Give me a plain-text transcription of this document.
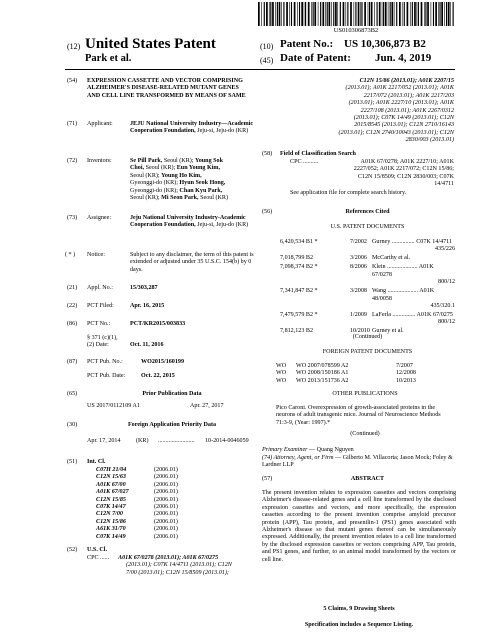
US010306873B2
(12) United States Patent
Park et al.
(10) Patent No.: US 10,306,873 B2
(45) Date of Patent: Jun. 4, 2019
(54) EXPRESSION CASSETTE AND VECTOR COMPRISING ALZHEIMER'S DISEASE-RELATED MUTANT GENES AND CELL LINE TRANSFORMED BY MEANS OF SAME
(71) Applicant:	JEJU National University Industry—Academic Cooperation Foundation, Jeju-si, Jeju-do (KR)
(72) Inventors:	Se Pill Park, Seoul (KR); Young Sok
Choi, Seoul (KR); Eun Young Kim,
Seoul (KR); Young Ho Kim,
Gyeonggi-do (KR); Hyun Seok Hong,
Gyeonggi-do (KR); Chan Kyu Park,
Seoul (KR); Mi Seon Park, Seoul (KR)
(73) Assignee:	Jeju National University Industry-Academic Cooperation Foundation, Jeju-si, Jeju-do (KR)
( * ) Notice:	Subject to any disclaimer, the term of this patent is extended or adjusted under 35 U.S.C. 154(b) by 0 days.
(21) Appl. No.:	15/303,287
(22) PCT Filed:	Apr. 16, 2015
(86) PCT No.:	PCT/KR2015/003833
§ 371 (c)(1),
(2) Date:	Oct. 11, 2016
(87) PCT Pub. No.:	WO2015/160199
PCT Pub. Date:	Oct. 22, 2015
(65)	Prior Publication Data
US 2017/0112109 A1	Apr. 27, 2017
(30)	Foreign Application Priority Data
Apr. 17, 2014	(KR) ........................ 10-2014-0046059
(51) Int. Cl.
C07H 21/04	(2006.01)
C12N 15/63	(2006.01)
A01K 67/00	(2006.01)
A01K 67/027	(2006.01)
C12N 15/85	(2006.01)
C07K 14/47	(2006.01)
C12N 7/00	(2006.01)
C12N 15/86	(2006.01)
A61K 31/70	(2006.01)
C07K 14/49	(2006.01)
(52) U.S. Cl.
CPC ...... A01K 67/0278 (2013.01); A01K 67/0275
(2013.01); C07K 14/4711 (2013.01); C12N
7/00 (2013.01); C12N 15/8509 (2013.01);
C12N 15/86 (2013.01); A01K 2207/15
(2013.01); A01K 2217/052 (2013.01); A01K
2217/072 (2013.01); A01K 2217/203
(2013.01); A01K 2227/10 (2013.01); A01K
2227/108 (2013.01); A01K 2267/0312
(2013.01); C07K 14/49 (2013.01); C12N
2015/8545 (2013.01); C12N 2710/16143
(2013.01); C12N 2740/10043 (2013.01); C12N
2830/003 (2013.01)
(58) Field of Classification Search
CPC ..........	A01K 67/0278; A01K 2227/10; A01K
2227/052; A01K 2217/072; C12N 15/86;
C12N 15/8509; C12N 2830/003; C07K
14/4711
See application file for complete search history.
(56)	References Cited
U.S. PATENT DOCUMENTS
6,420,534 B1 *	7/2002 Gurney ............... C07K 14/4711
435/226
7,018,799 B2	3/2006 McCarthy et al.
7,098,374 B2 *	8/2006 Klein .................... A01K 67/0278
800/12
7,341,847 B2 *	3/2008 Wang .................... A01K 48/0058
435/320.1
7,479,579 B2 *	1/2009 LaFerla ............... A01K 67/0275
800/12
7,812,123 B2	10/2010 Gurney et al.
(Continued)
FOREIGN PATENT DOCUMENTS
WO	WO 2007/078599 A2	7/2007
WO	WO 2008/150186 A1	12/2008
WO	WO 2013/151736 A2	10/2013
OTHER PUBLICATIONS
Pico Caroni. Overexpression of growth-associated proteins in the neurons of adult transgenic mice. Journal of Neuroscience Methods 71:3-9, (Year: 1997).*
(Continued)
Primary Examiner — Quang Nguyen
(74) Attorney, Agent, or Firm — Gilberto M. Villacorta; Jason Mock; Foley & Lardner LLP
(57)	ABSTRACT
The present invention relates to expression cassettes and vectors comprising Alzheimer's disease-related genes and a cell line transformed by the disclosed expression cassettes and vectors, and more specifically, the expression cassettes according to the present invention comprise amyloid precursor protein (APP), Tau protein, and presenilin-1 (PS1) genes associated with Alzheimer's disease so that mutant genes thereof can be simultaneously expressed. Additionally, the present invention relates to a cell line transformed by the disclosed expression cassettes or vectors comprising APP, Tau protein, and PS1 genes, and further, to an animal model transformed by the vectors or cell line.
5 Claims, 9 Drawing Sheets
Specification includes a Sequence Listing.
